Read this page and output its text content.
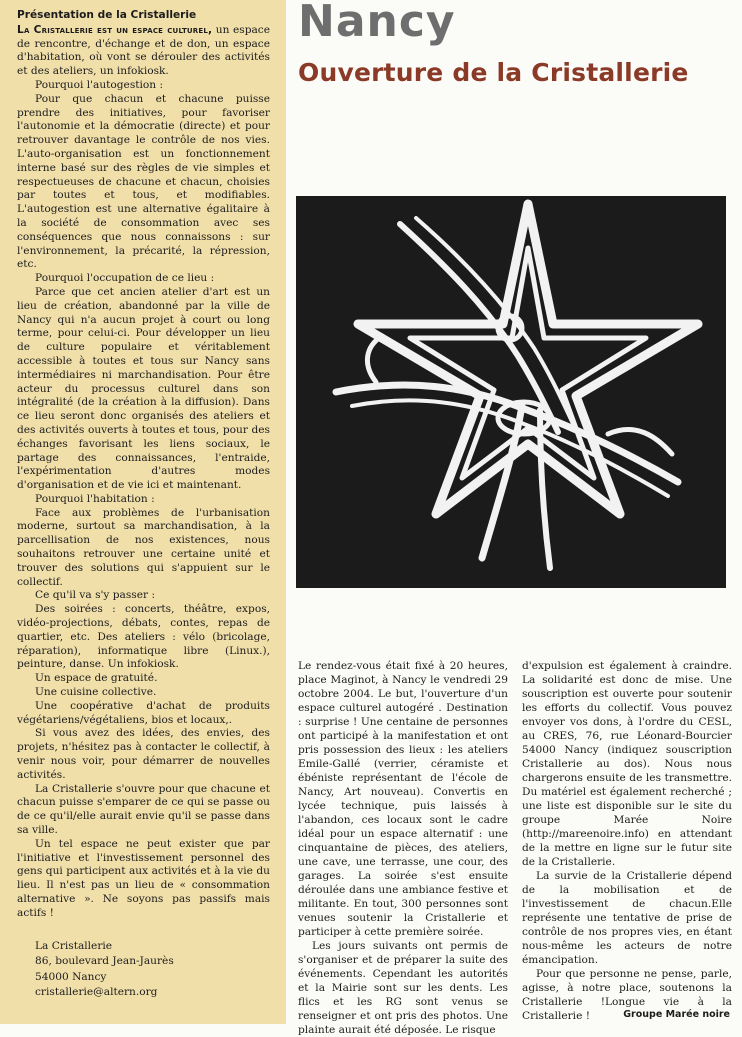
Présentation de la Cristallerie

La Cristallerie est un espace culturel, un espace de rencontre, d'échange et de don, un espace d'habitation, où vont se dérouler des activités et des ateliers, un infokiosk.

Pourquoi l'autogestion :

Pour que chacun et chacune puisse prendre des initiatives, pour favoriser l'autonomie et la démocratie (directe) et pour retrouver davantage le contrôle de nos vies. L'auto-organisation est un fonctionnement interne basé sur des règles de vie simples et respectueuses de chacune et chacun, choisies par toutes et tous, et modifiables. L'autogestion est une alternative égalitaire à la société de consommation avec ses conséquences que nous connaissons : sur l'environnement, la précarité, la répression, etc.

Pourquoi l'occupation de ce lieu :

Parce que cet ancien atelier d'art est un lieu de création, abandonné par la ville de Nancy qui n'a aucun projet à court ou long terme, pour celui-ci. Pour développer un lieu de culture populaire et véritablement accessible à toutes et tous sur Nancy sans intermédiaires ni marchandisation. Pour être acteur du processus culturel dans son intégralité (de la création à la diffusion). Dans ce lieu seront donc organisés des ateliers et des activités ouverts à toutes et tous, pour des échanges favorisant les liens sociaux, le partage des connaissances, l'entraide, l'expérimentation d'autres modes d'organisation et de vie ici et maintenant.

Pourquoi l'habitation :

Face aux problèmes de l'urbanisation moderne, surtout sa marchandisation, à la parcellisation de nos existences, nous souhaitons retrouver une certaine unité et trouver des solutions qui s'appuient sur le collectif.

Ce qu'il va s'y passer :

Des soirées : concerts, théâtre, expos, vidéo-projections, débats, contes, repas de quartier, etc. Des ateliers : vélo (bricolage, réparation), informatique libre (Linux.), peinture, danse. Un infokiosk.

Un espace de gratuité.

Une cuisine collective.

Une coopérative d'achat de produits végétariens/végétaliens, bios et locaux,.

Si vous avez des idées, des envies, des projets, n'hésitez pas à contacter le collectif, à venir nous voir, pour démarrer de nouvelles activités.

La Cristallerie s'ouvre pour que chacune et chacun puisse s'emparer de ce qui se passe ou de ce qu'il/elle aurait envie qu'il se passe dans sa ville.

Un tel espace ne peut exister que par l'initiative et l'investissement personnel des gens qui participent aux activités et à la vie du lieu. Il n'est pas un lieu de « consommation alternative ». Ne soyons pas passifs mais actifs !

La Cristallerie
86, boulevard Jean-Jaurès
54000 Nancy
cristallerie@altern.org
Nancy
Ouverture de la Cristallerie

Le rendez-vous était fixé à 20 heures, place Maginot, à Nancy le vendredi 29 octobre 2004. Le but, l'ouverture d'un espace culturel autogéré . Destination : surprise ! Une centaine de personnes ont participé à la manifestation et ont pris possession des lieux : les ateliers Emile-Gallé (verrier, céramiste et ébéniste représentant de l'école de Nancy, Art nouveau). Convertis en lycée technique, puis laissés à l'abandon, ces locaux sont le cadre idéal pour un espace alternatif : une cinquantaine de pièces, des ateliers, une cave, une terrasse, une cour, des garages. La soirée s'est ensuite déroulée dans une ambiance festive et militante. En tout, 300 personnes sont venues soutenir la Cristallerie et participer à cette première soirée.

Les jours suivants ont permis de s'organiser et de préparer la suite des événements. Cependant les autorités et la Mairie sont sur les dents. Les flics et les RG sont venus se renseigner et ont pris des photos. Une plainte aurait été déposée. Le risque

d'expulsion est également à craindre. La solidarité est donc de mise. Une souscription est ouverte pour soutenir les efforts du collectif. Vous pouvez envoyer vos dons, à l'ordre du CESL, au CRES, 76, rue Léonard-Bourcier 54000 Nancy (indiquez souscription Cristallerie au dos). Nous nous chargerons ensuite de les transmettre. Du matériel est également recherché ; une liste est disponible sur le site du groupe Marée Noire (http://mareenoire.info) en attendant de la mettre en ligne sur le futur site de la Cristallerie.

La survie de la Cristallerie dépend de la mobilisation et de l'investissement de chacun.Elle représente une tentative de prise de contrôle de nos propres vies, en étant nous-même les acteurs de notre émancipation.

Pour que personne ne pense, parle, agisse, à notre place, soutenons la Cristallerie !Longue vie à la Cristallerie !	Groupe Marée noire
